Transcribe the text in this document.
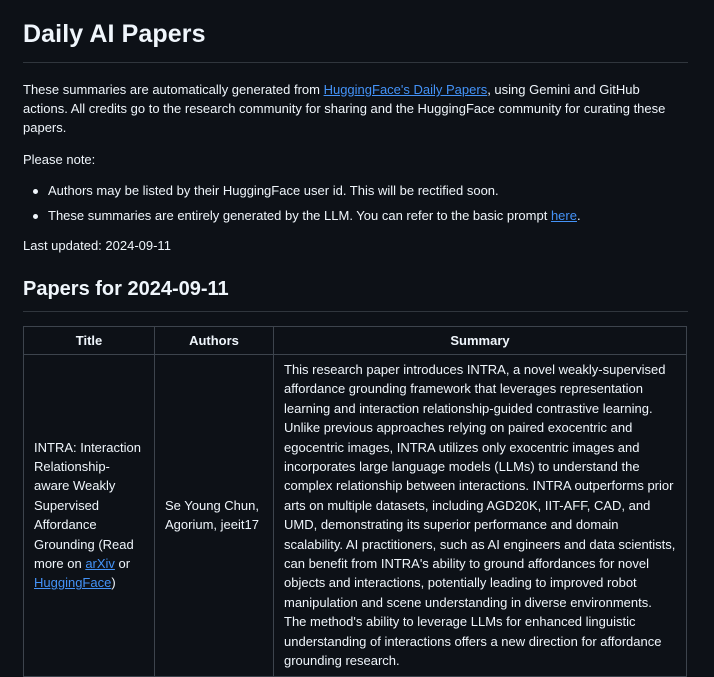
Daily AI Papers

These summaries are automatically generated from HuggingFace's Daily Papers, using Gemini and GitHub actions. All credits go to the research community for sharing and the HuggingFace community for curating these papers.

Please note:

Authors may be listed by their HuggingFace user id. This will be rectified soon.
These summaries are entirely generated by the LLM. You can refer to the basic prompt here.

Last updated: 2024-09-11

Papers for 2024-09-11
Title	Authors	Summary
INTRA: Interaction Relationship-aware Weakly Supervised Affordance Grounding (Read more on arXiv or HuggingFace)	Se Young Chun, Agorium, jeeit17	This research paper introduces INTRA, a novel weakly-supervised affordance grounding framework that leverages representation learning and interaction relationship-guided contrastive learning. Unlike previous approaches relying on paired exocentric and egocentric images, INTRA utilizes only exocentric images and incorporates large language models (LLMs) to understand the complex relationship between interactions. INTRA outperforms prior arts on multiple datasets, including AGD20K, IIT-AFF, CAD, and UMD, demonstrating its superior performance and domain scalability. AI practitioners, such as AI engineers and data scientists, can benefit from INTRA's ability to ground affordances for novel objects and interactions, potentially leading to improved robot manipulation and scene understanding in diverse environments. The method's ability to leverage LLMs for enhanced linguistic understanding of interactions offers a new direction for affordance grounding research.
